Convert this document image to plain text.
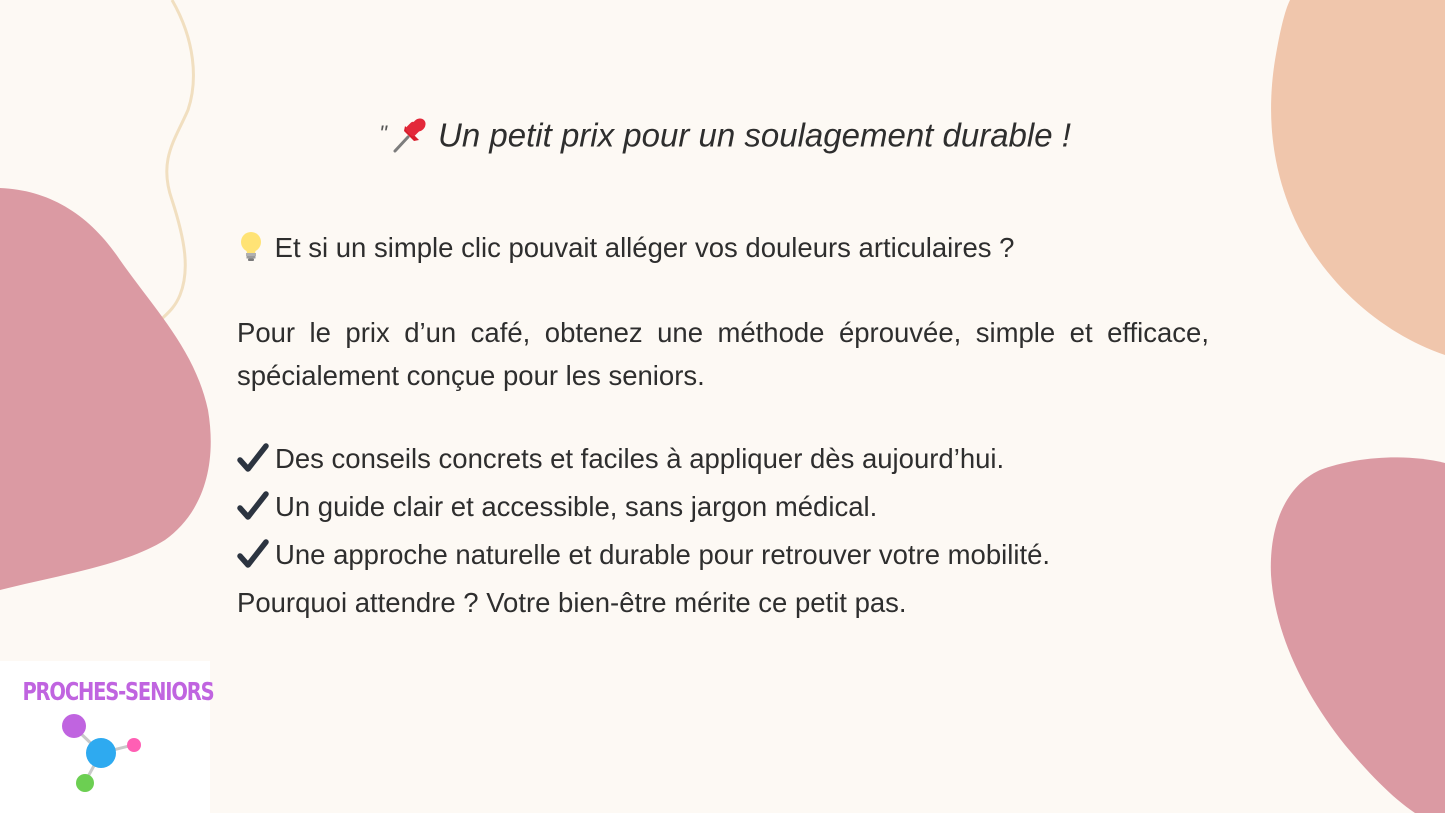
" Un petit prix pour un soulagement durable !

Et si un simple clic pouvait alléger vos douleurs articulaires ?

Pour le prix d’un café, obtenez une méthode éprouvée, simple et efficace, spécialement conçue pour les seniors.

Des conseils concrets et faciles à appliquer dès aujourd’hui.

Un guide clair et accessible, sans jargon médical.

Une approche naturelle et durable pour retrouver votre mobilité.

Pourquoi attendre ? Votre bien-être mérite ce petit pas.

PROCHES-SENIORS
